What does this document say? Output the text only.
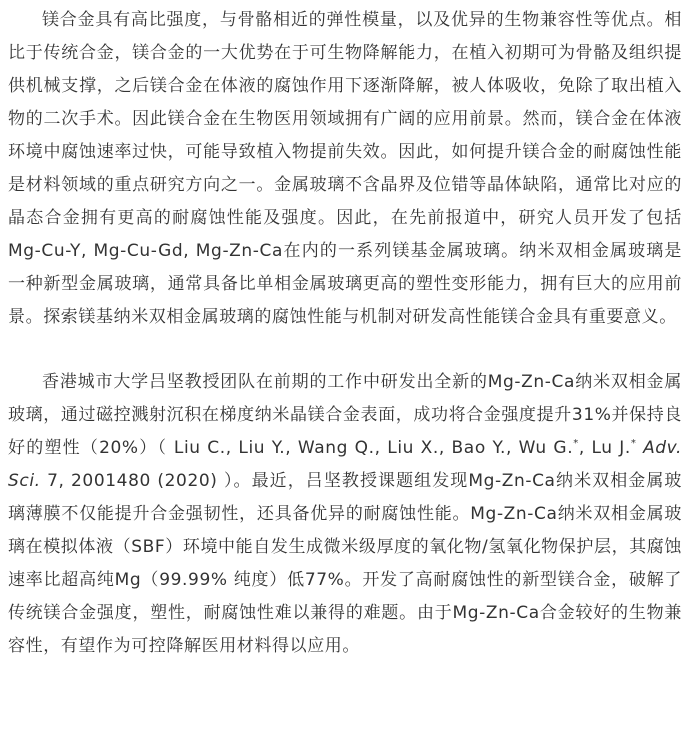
镁合金具有高比强度，与骨骼相近的弹性模量，以及优异的生物兼容性等优点。相比于传统合金，镁合金的一大优势在于可生物降解能力，在植入初期可为骨骼及组织提供机械支撑，之后镁合金在体液的腐蚀作用下逐渐降解，被人体吸收，免除了取出植入物的二次手术。因此镁合金在生物医用领域拥有广阔的应用前景。然而，镁合金在体液环境中腐蚀速率过快，可能导致植入物提前失效。因此，如何提升镁合金的耐腐蚀性能是材料领域的重点研究方向之一。金属玻璃不含晶界及位错等晶体缺陷，通常比对应的晶态合金拥有更高的耐腐蚀性能及强度。因此，在先前报道中，研究人员开发了包括Mg-Cu-Y, Mg-Cu-Gd, Mg-Zn-Ca在内的一系列镁基金属玻璃。纳米双相金属玻璃是一种新型金属玻璃，通常具备比单相金属玻璃更高的塑性变形能力，拥有巨大的应用前景。探索镁基纳米双相金属玻璃的腐蚀性能与机制对研发高性能镁合金具有重要意义。

香港城市大学吕坚教授团队在前期的工作中研发出全新的Mg-Zn-Ca纳米双相金属玻璃，通过磁控溅射沉积在梯度纳米晶镁合金表面，成功将合金强度提升31%并保持良好的塑性（20%）（ Liu C., Liu Y., Wang Q., Liu X., Bao Y., Wu G.*, Lu J.* Adv. Sci. 7, 2001480 (2020) ）。最近，吕坚教授课题组发现Mg-Zn-Ca纳米双相金属玻璃薄膜不仅能提升合金强韧性，还具备优异的耐腐蚀性能。Mg-Zn-Ca纳米双相金属玻璃在模拟体液（SBF）环境中能自发生成微米级厚度的氧化物/氢氧化物保护层，其腐蚀速率比超高纯Mg（99.99% 纯度）低77%。开发了高耐腐蚀性的新型镁合金，破解了传统镁合金强度，塑性，耐腐蚀性难以兼得的难题。由于Mg-Zn-Ca合金较好的生物兼容性，有望作为可控降解医用材料得以应用。
